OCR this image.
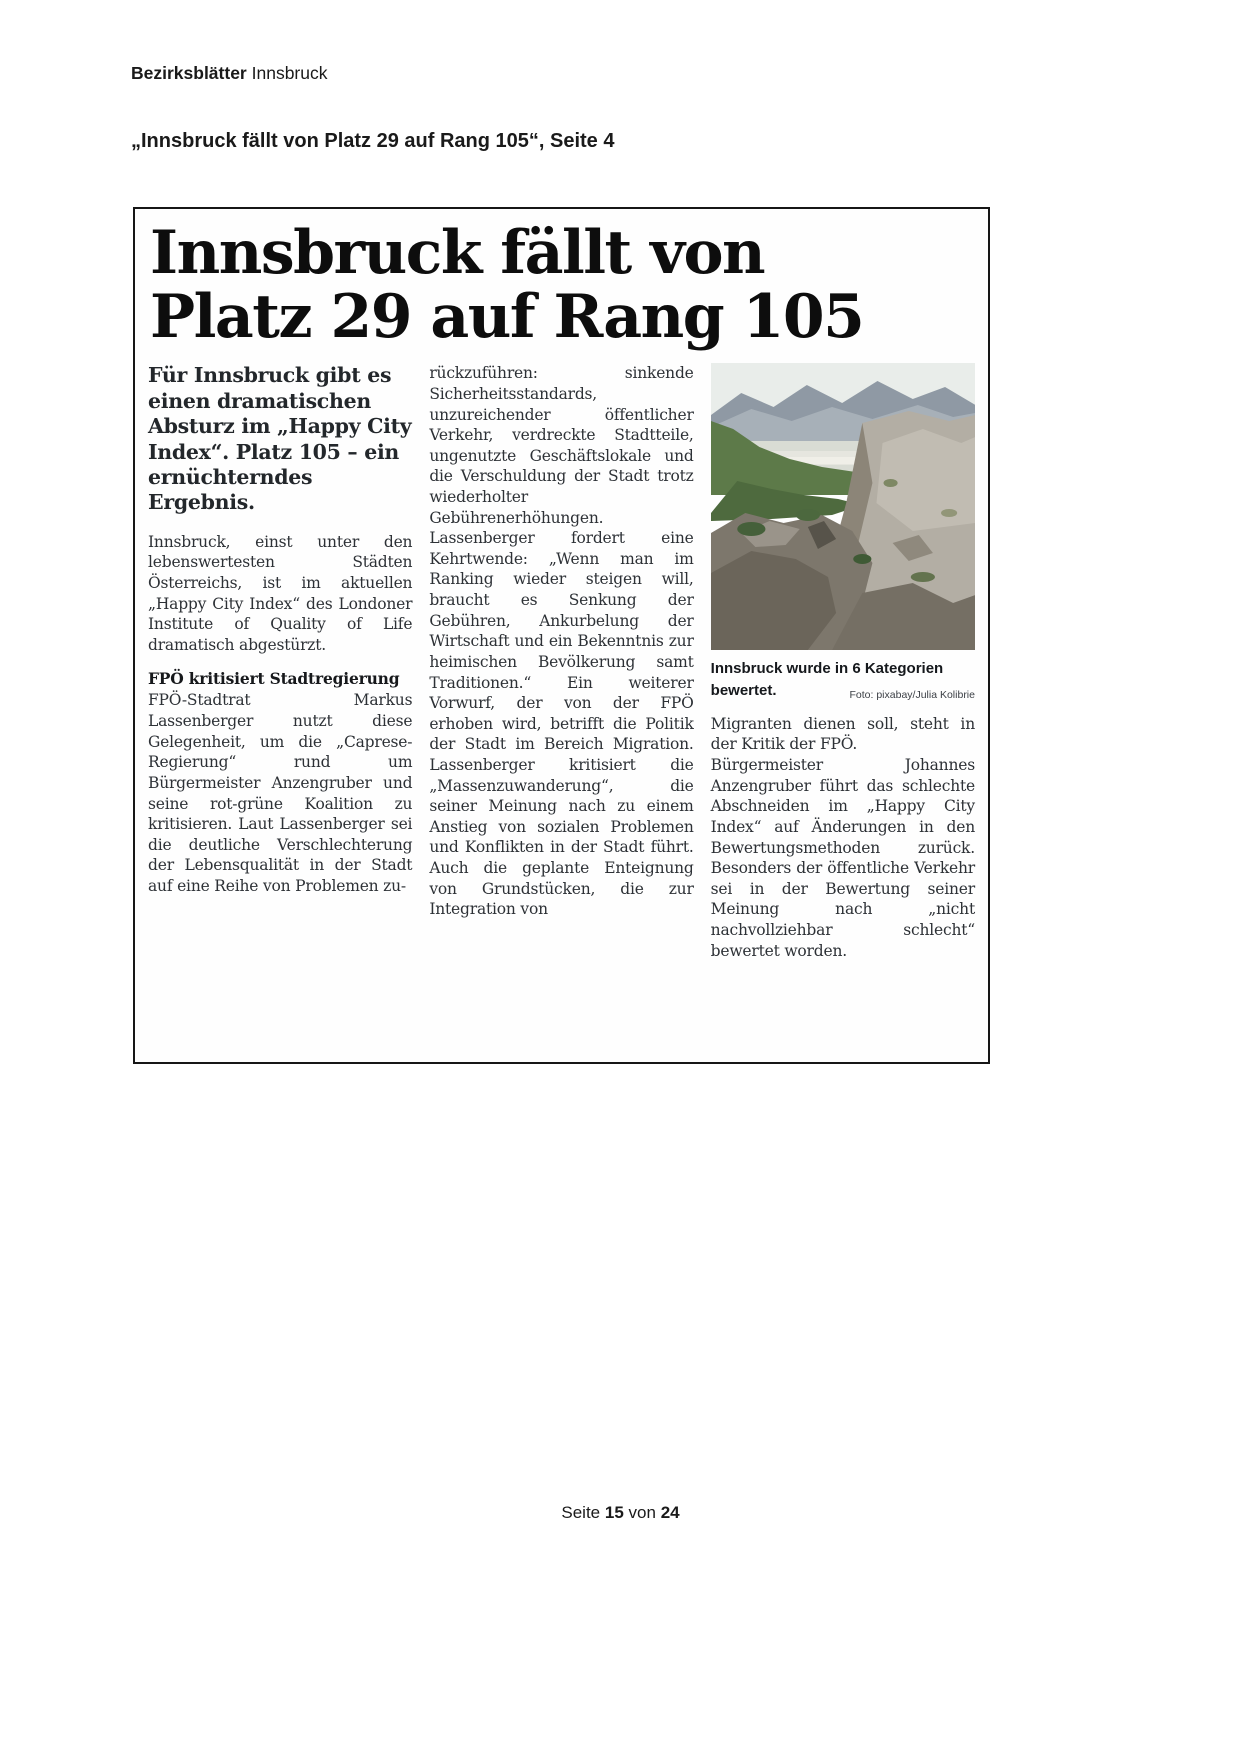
Bezirksblätter Innsbruck
„Innsbruck fällt von Platz 29 auf Rang 105“, Seite 4
Innsbruck fällt von
Platz 29 auf Rang 105
Für Innsbruck gibt es einen dramatischen Absturz im „Happy City Index“. Platz 105 – ein ernüchterndes Ergebnis.
Innsbruck, einst unter den lebenswertesten Städten Österreichs, ist im aktuellen „Happy City Index“ des Londoner Institute of Quality of Life dramatisch abgestürzt.
FPÖ kritisiert Stadtregierung
FPÖ-Stadtrat Markus Lassenberger nutzt diese Gelegenheit, um die „Caprese-Regierung“ rund um Bürgermeister Anzengruber und seine rot-grüne Koalition zu kritisieren. Laut Lassenberger sei die deutliche Verschlechterung der Lebensqualität in der Stadt auf eine Reihe von Problemen zu-
rückzuführen: sinkende Sicherheitsstandards, unzureichender öffentlicher Verkehr, verdreckte Stadtteile, ungenutzte Geschäftslokale und die Verschuldung der Stadt trotz wiederholter Gebührenerhöhungen. Lassenberger fordert eine Kehrtwende: „Wenn man im Ranking wieder steigen will, braucht es Senkung der Gebühren, Ankurbelung der Wirtschaft und ein Bekenntnis zur heimischen Bevölkerung samt Traditionen.“ Ein weiterer Vorwurf, der von der FPÖ erhoben wird, betrifft die Politik der Stadt im Bereich Migration. Lassenberger kritisiert die „Massenzuwanderung“, die seiner Meinung nach zu einem Anstieg von sozialen Problemen und Konflikten in der Stadt führt. Auch die geplante Enteignung von Grundstücken, die zur Integration von
Innsbruck wurde in 6 Kategorien bewertet.	Foto: pixabay/Julia Kolibrie
Migranten dienen soll, steht in der Kritik der FPÖ.
Bürgermeister Johannes Anzengruber führt das schlechte Abschneiden im „Happy City Index“ auf Änderungen in den Bewertungsmethoden zurück. Besonders der öffentliche Verkehr sei in der Bewertung seiner Meinung nach „nicht nachvollziehbar schlecht“ bewertet worden.
Seite 15 von 24
